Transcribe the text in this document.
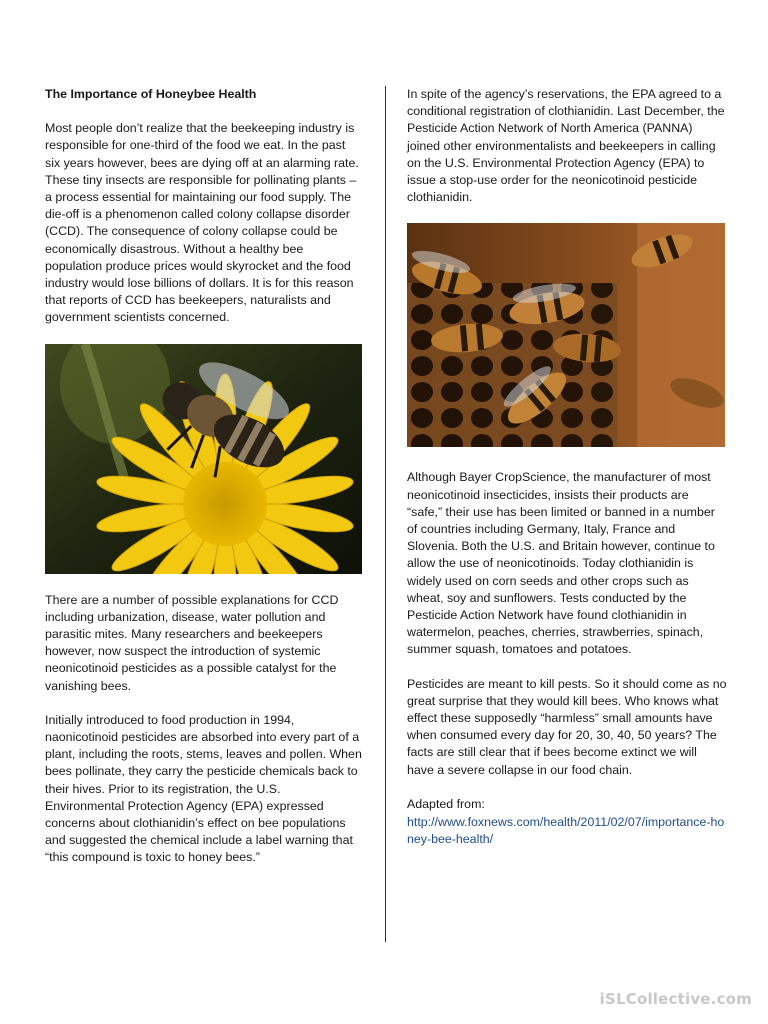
The Importance of Honeybee Health

Most people don’t realize that the beekeeping industry is responsible for one-third of the food we eat. In the past six years however, bees are dying off at an alarming rate. These tiny insects are responsible for pollinating plants – a process essential for maintaining our food supply. The die-off is a phenomenon called colony collapse disorder (CCD). The consequence of colony collapse could be economically disastrous. Without a healthy bee population produce prices would skyrocket and the food industry would lose billions of dollars. It is for this reason that reports of CCD has beekeepers, naturalists and government scientists concerned.

There are a number of possible explanations for CCD including urbanization, disease, water pollution and parasitic mites. Many researchers and beekeepers however, now suspect the introduction of systemic neonicotinoid pesticides as a possible catalyst for the vanishing bees.

Initially introduced to food production in 1994, naonicotinoid pesticides are absorbed into every part of a plant, including the roots, stems, leaves and pollen. When bees pollinate, they carry the pesticide chemicals back to their hives. Prior to its registration, the U.S. Environmental Protection Agency (EPA) expressed concerns about clothianidin’s effect on bee populations and suggested the chemical include a label warning that “this compound is toxic to honey bees.”

In spite of the agency’s reservations, the EPA agreed to a conditional registration of clothianidin. Last December, the Pesticide Action Network of North America (PANNA) joined other environmentalists and beekeepers in calling on the U.S. Environmental Protection Agency (EPA) to issue a stop-use order for the neonicotinoid pesticide clothianidin.

Although Bayer CropScience, the manufacturer of most neonicotinoid insecticides, insists their products are “safe,” their use has been limited or banned in a number of countries including Germany, Italy, France and Slovenia. Both the U.S. and Britain however, continue to allow the use of neonicotinoids. Today clothianidin is widely used on corn seeds and other crops such as wheat, soy and sunflowers. Tests conducted by the Pesticide Action Network have found clothianidin in watermelon, peaches, cherries, strawberries, spinach, summer squash, tomatoes and potatoes.

Pesticides are meant to kill pests. So it should come as no great surprise that they would kill bees. Who knows what effect these supposedly “harmless” small amounts have when consumed every day for 20, 30, 40, 50 years? The facts are still clear that if bees become extinct we will have a severe collapse in our food chain.

Adapted from:
http://www.foxnews.com/health/2011/02/07/importance-honey-bee-health/
iSLCollective.com
